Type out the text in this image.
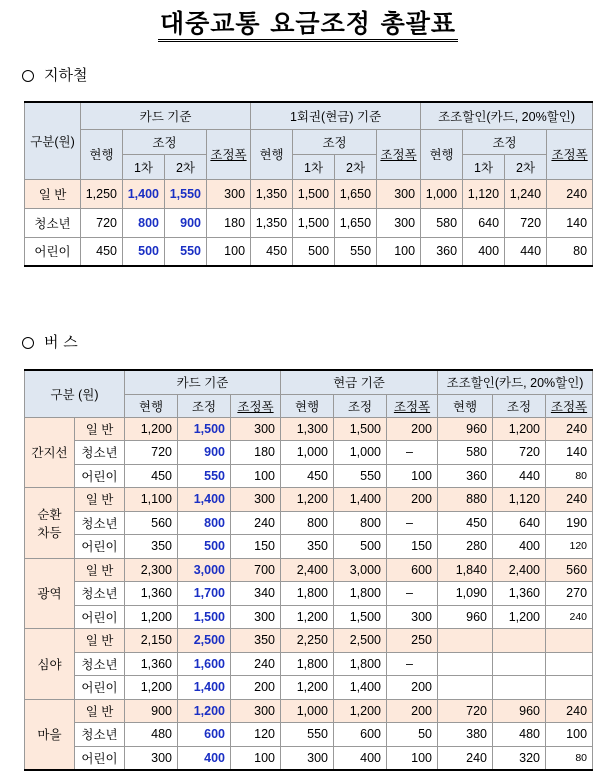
대중교통 요금조정 총괄표
지하철
구분(원)	카드 기준				1회권(현금) 기준				조조할인(카드, 20%할인)			
	현행	조정		조정폭	현행	조정		조정폭	현행	조정		조정폭
		1차	2차			1차	2차			1차	2차	
일 반	1,250	1,400	1,550	300	1,350	1,500	1,650	300	1,000	1,120	1,240	240
청소년	720	800	900	180	1,350	1,500	1,650	300	580	640	720	140
어린이	450	500	550	100	450	500	550	100	360	400	440	80
버 스
구분 (원)		카드 기준			현금 기준			조조할인(카드, 20%할인)		
		현행	조정	조정폭	현행	조정	조정폭	현행	조정	조정폭

간지선	일 반	1,200	1,500	300	1,300	1,500	200	960	1,200	240
	청소년	720	900	180	1,000	1,000	–	580	720	140
	어린이	450	550	100	450	550	100	360	440	80

순환
차등	일 반	1,100	1,400	300	1,200	1,400	200	880	1,120	240
	청소년	560	800	240	800	800	–	450	640	190
	어린이	350	500	150	350	500	150	280	400	120

광역	일 반	2,300	3,000	700	2,400	3,000	600	1,840	2,400	560
	청소년	1,360	1,700	340	1,800	1,800	–	1,090	1,360	270
	어린이	1,200	1,500	300	1,200	1,500	300	960	1,200	240

심야	일 반	2,150	2,500	350	2,250	2,500	250			
	청소년	1,360	1,600	240	1,800	1,800	–			
	어린이	1,200	1,400	200	1,200	1,400	200			

마을	일 반	900	1,200	300	1,000	1,200	200	720	960	240
	청소년	480	600	120	550	600	50	380	480	100
	어린이	300	400	100	300	400	100	240	320	80
